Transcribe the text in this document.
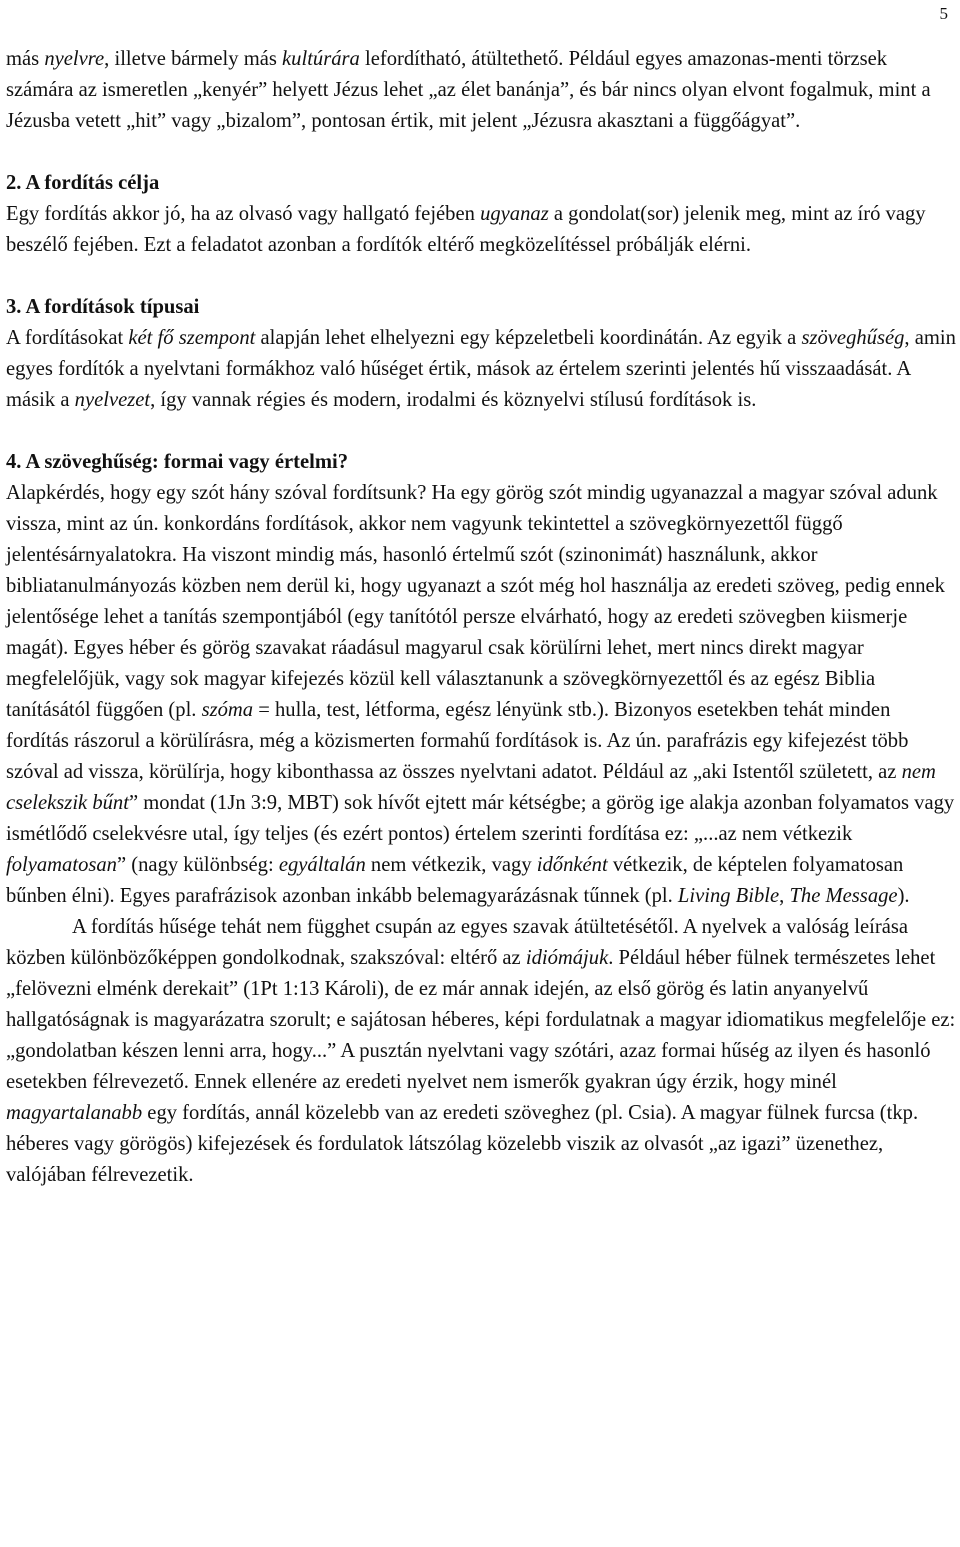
5

más nyelvre, illetve bármely más kultúrára lefordítható, átültethető. Például egyes amazonas-menti törzsek számára az ismeretlen „kenyér” helyett Jézus lehet „az élet banánja”, és bár nincs olyan elvont fogalmuk, mint a Jézusba vetett „hit” vagy „bizalom”, pontosan értik, mit jelent „Jézusra akasztani a függőágyat”.

2. A fordítás célja

Egy fordítás akkor jó, ha az olvasó vagy hallgató fejében ugyanaz a gondolat(sor) jelenik meg, mint az író vagy beszélő fejében. Ezt a feladatot azonban a fordítók eltérő megközelítéssel próbálják elérni.

3. A fordítások típusai

A fordításokat két fő szempont alapján lehet elhelyezni egy képzeletbeli koordinátán. Az egyik a szöveghűség, amin egyes fordítók a nyelvtani formákhoz való hűséget értik, mások az értelem szerinti jelentés hű visszaadását. A másik a nyelvezet, így vannak régies és modern, irodalmi és köznyelvi stílusú fordítások is.

4. A szöveghűség: formai vagy értelmi?

Alapkérdés, hogy egy szót hány szóval fordítsunk? Ha egy görög szót mindig ugyanazzal a magyar szóval adunk vissza, mint az ún. konkordáns fordítások, akkor nem vagyunk tekintettel a szövegkörnyezettől függő jelentésárnyalatokra. Ha viszont mindig más, hasonló értelmű szót (szinonimát) használunk, akkor bibliatanulmányozás közben nem derül ki, hogy ugyanazt a szót még hol használja az eredeti szöveg, pedig ennek jelentősége lehet a tanítás szempontjából (egy tanítótól persze elvárható, hogy az eredeti szövegben kiismerje magát). Egyes héber és görög szavakat ráadásul magyarul csak körülírni lehet, mert nincs direkt magyar megfelelőjük, vagy sok magyar kifejezés közül kell választanunk a szövegkörnyezettől és az egész Biblia tanításától függően (pl. szóma = hulla, test, létforma, egész lényünk stb.). Bizonyos esetekben tehát minden fordítás rászorul a körülírásra, még a közismerten formahű fordítások is. Az ún. parafrázis egy kifejezést több szóval ad vissza, körülírja, hogy kibonthassa az összes nyelvtani adatot. Például az „aki Istentől született, az nem cselekszik bűnt” mondat (1Jn 3:9, MBT) sok hívőt ejtett már kétségbe; a görög ige alakja azonban folyamatos vagy ismétlődő cselekvésre utal, így teljes (és ezért pontos) értelem szerinti fordítása ez: „...az nem vétkezik folyamatosan” (nagy különbség: egyáltalán nem vétkezik, vagy időnként vétkezik, de képtelen folyamatosan bűnben élni). Egyes parafrázisok azonban inkább belemagyarázásnak tűnnek (pl. Living Bible, The Message).

A fordítás hűsége tehát nem függhet csupán az egyes szavak átültetésétől. A nyelvek a valóság leírása közben különbözőképpen gondolkodnak, szakszóval: eltérő az idiómájuk. Például héber fülnek természetes lehet „felövezni elménk derekait” (1Pt 1:13 Károli), de ez már annak idején, az első görög és latin anyanyelvű hallgatóságnak is magyarázatra szorult; e sajátosan héberes, képi fordulatnak a magyar idiomatikus megfelelője ez: „gondolatban készen lenni arra, hogy...” A pusztán nyelvtani vagy szótári, azaz formai hűség az ilyen és hasonló esetekben félrevezető. Ennek ellenére az eredeti nyelvet nem ismerők gyakran úgy érzik, hogy minél magyartalanabb egy fordítás, annál közelebb van az eredeti szöveghez (pl. Csia). A magyar fülnek furcsa (tkp. héberes vagy görögös) kifejezések és fordulatok látszólag közelebb viszik az olvasót „az igazi” üzenethez, valójában félrevezetik.
